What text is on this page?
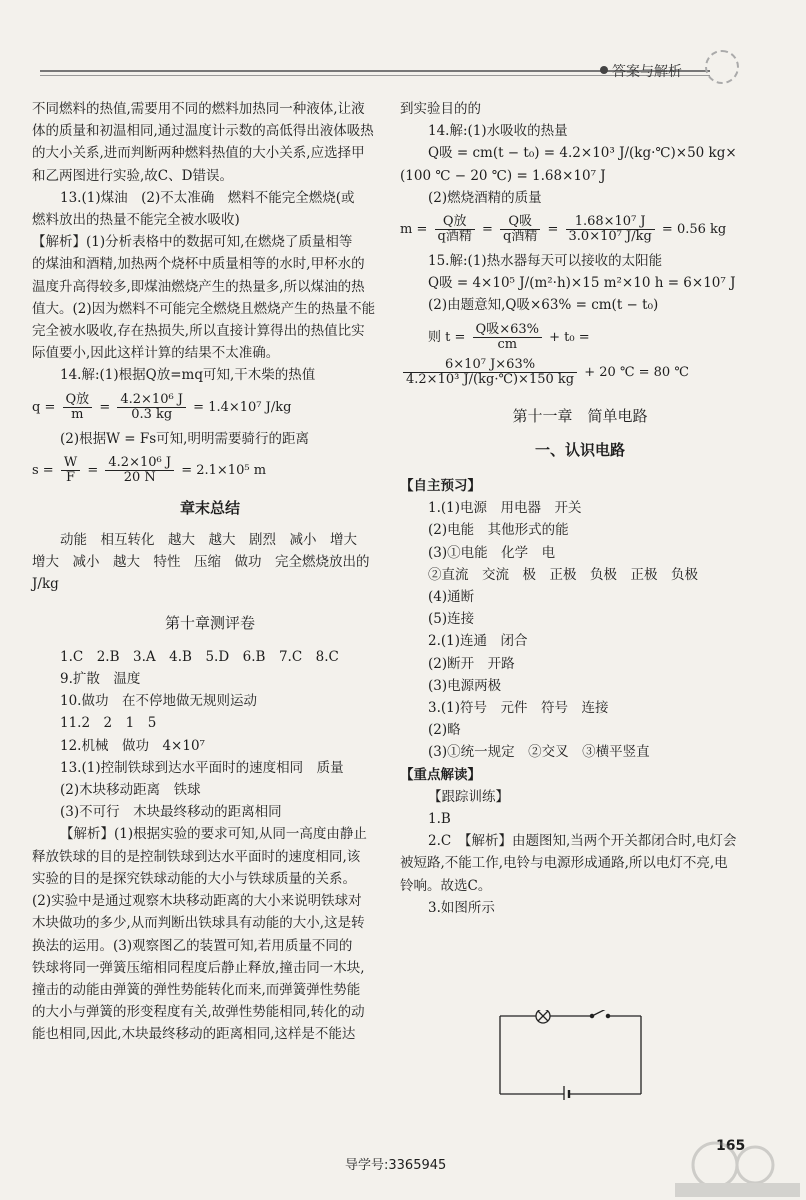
答案与解析

不同燃料的热值,需要用不同的燃料加热同一种液体,让液

体的质量和初温相同,通过温度计示数的高低得出液体吸热

的大小关系,进而判断两种燃料热值的大小关系,应选择甲

和乙两图进行实验,故C、D错误。

13.(1)煤油　(2)不太准确　燃料不能完全燃烧(或

燃料放出的热量不能完全被水吸收)

【解析】(1)分析表格中的数据可知,在燃烧了质量相等

的煤油和酒精,加热两个烧杯中质量相等的水时,甲杯水的

温度升高得较多,即煤油燃烧产生的热量多,所以煤油的热

值大。(2)因为燃料不可能完全燃烧且燃烧产生的热量不能

完全被水吸收,存在热损失,所以直接计算得出的热值比实

际值要小,因此这样计算的结果不太准确。

14.解:(1)根据Q放=mq可知,干木柴的热值

$q = \frac{\text{Q放}}{m} = \frac{\text{4.2×10⁶ J}}{0.3 kg} = 1.4\times 10^7$ J/kg

(2)根据W = Fs可知,明明需要骑行的距离

$s = \frac{W}{F} = \frac{\text{4.2×10⁶ J}}{20 N} = 2.1\times 10^5$ m
章末总结

动能　相互转化　越大　越大　剧烈　减小　增大

增大　减小　越大　特性　压缩　做功　完全燃烧放出的

J/kg

第十章测评卷

1.C　2.B　3.A　4.B　5.D　6.B　7.C　8.C

9.扩散　温度

10.做功　在不停地做无规则运动

11.2　2　1　5

12.机械　做功　4×10⁷

13.(1)控制铁球到达水平面时的速度相同　质量

(2)木块移动距离　铁球

(3)不可行　木块最终移动的距离相同

【解析】(1)根据实验的要求可知,从同一高度由静止

释放铁球的目的是控制铁球到达水平面时的速度相同,该

实验的目的是探究铁球动能的大小与铁球质量的关系。

(2)实验中是通过观察木块移动距离的大小来说明铁球对

木块做功的多少,从而判断出铁球具有动能的大小,这是转

换法的运用。(3)观察图乙的装置可知,若用质量不同的

铁球将同一弹簧压缩相同程度后静止释放,撞击同一木块,

撞击的动能由弹簧的弹性势能转化而来,而弹簧弹性势能

的大小与弹簧的形变程度有关,故弹性势能相同,转化的动

能也相同,因此,木块最终移动的距离相同,这样是不能达

到实验目的的

14.解:(1)水吸收的热量

Q吸 = cm(t − t₀) = 4.2×10³ J/(kg·℃)×50 kg×

(100 ℃ − 20 ℃) = 1.68×10⁷ J

(2)燃烧酒精的质量

$m = \frac{\text{Q放}}{\text{q酒精}} = \frac{\text{Q吸}}{\text{q酒精}} = \frac{\text{1.68×10⁷ J}}{\text{3.0×10⁷ J/kg}} = 0.56$ kg

15.解:(1)热水器每天可以接收的太阳能

Q吸 = 4×10⁵ J/(m²·h)×15 m²×10 h = 6×10⁷ J

(2)由题意知,Q吸×63% = cm(t − t₀)

则 $t = \frac{\text{Q吸×63\%}}{cm} + t_0$ =
$\frac{\text{6×10⁷ J×63\%}}{\text{4.2×10³ J/(kg·℃)×150 kg}} + 20$ ℃ = 80 ℃
第十一章　简单电路
一、认识电路

【自主预习】

1.(1)电源　用电器　开关

(2)电能　其他形式的能

(3)①电能　化学　电

②直流　交流　极　正极　负极　正极　负极

(4)通断

(5)连接

2.(1)连通　闭合

(2)断开　开路

(3)电源两极

3.(1)符号　元件　符号　连接

(2)略

(3)①统一规定　②交叉　③横平竖直

【重点解读】

【跟踪训练】

1.B

2.C　【解析】由题图知,当两个开关都闭合时,电灯会

被短路,不能工作,电铃与电源形成通路,所以电灯不亮,电

铃响。故选C。

3.如图所示

导学号:3365945
165
